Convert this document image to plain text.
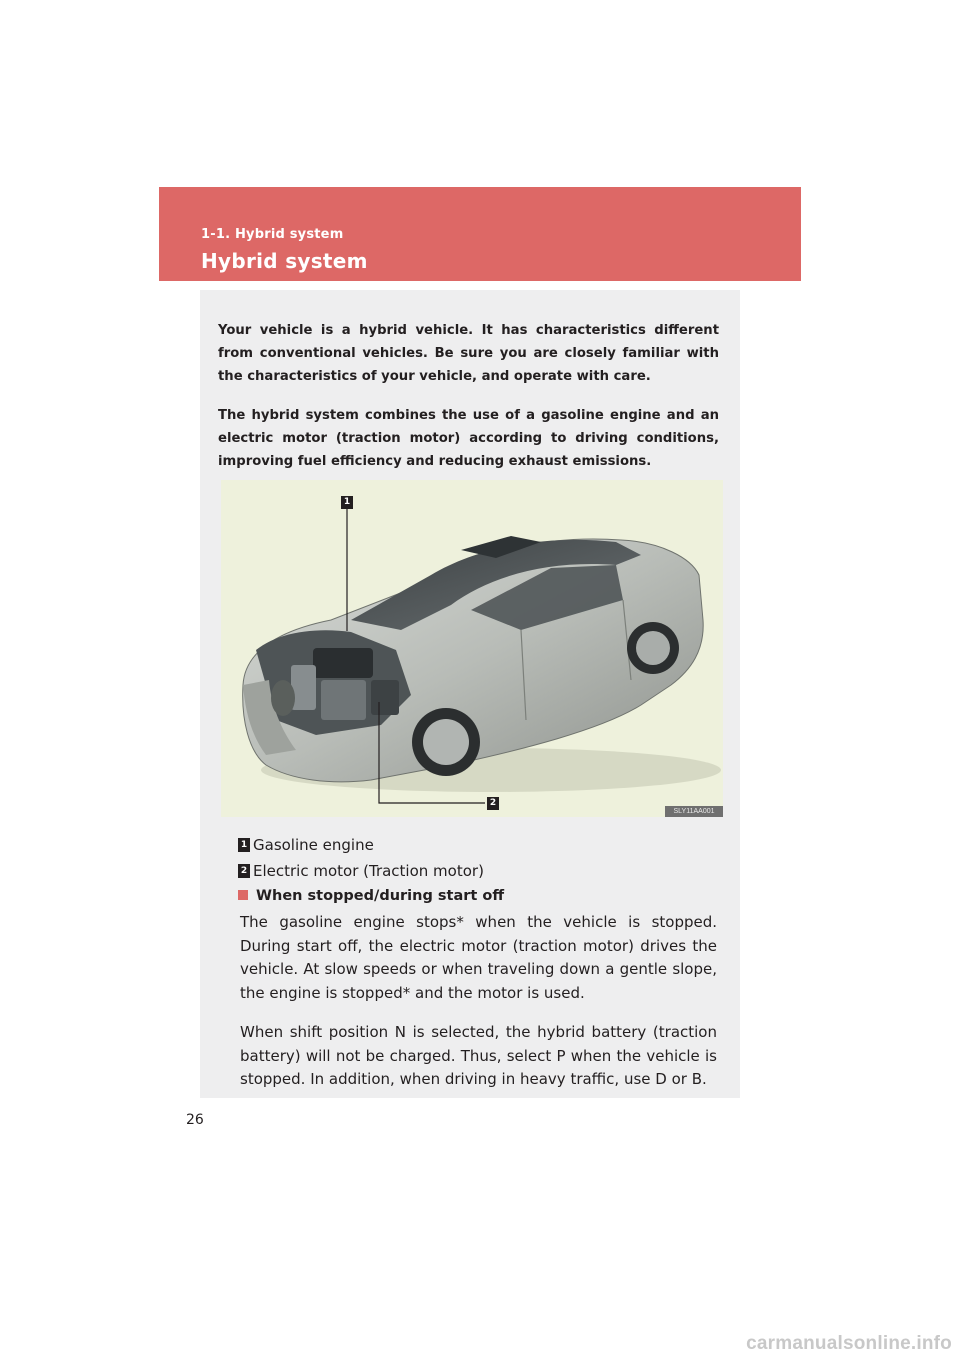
1-1. Hybrid system
Hybrid system

Your vehicle is a hybrid vehicle. It has characteristics different from conventional vehicles. Be sure you are closely familiar with the characteristics of your vehicle, and operate with care.

The hybrid system combines the use of a gasoline engine and an electric motor (traction motor) according to driving conditions, improving fuel efficiency and reducing exhaust emissions.

1
2
SLY11AA001
1 Gasoline engine
2 Electric motor (Traction motor)
When stopped/during start off

The gasoline engine stops* when the vehicle is stopped. During start off, the electric motor (traction motor) drives the vehicle. At slow speeds or when traveling down a gentle slope, the engine is stopped* and the motor is used.

When shift position N is selected, the hybrid battery (traction battery) will not be charged. Thus, select P when the vehicle is stopped. In addition, when driving in heavy traffic, use D or B.

26
carmanualsonline.info
